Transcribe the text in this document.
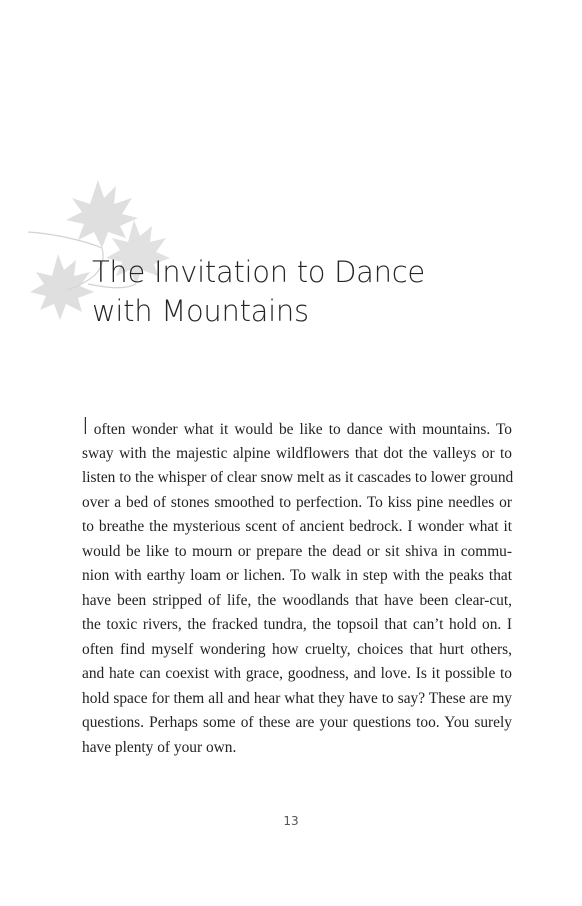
The Invitation to Dance
with Mountains
I often wonder what it would be like to dance with mountains. To
sway with the majestic alpine wildflowers that dot the valleys or to
listen to the whisper of clear snow melt as it cascades to lower ground
over a bed of stones smoothed to perfection. To kiss pine needles or
to breathe the mysterious scent of ancient bedrock. I wonder what it
would be like to mourn or prepare the dead or sit shiva in commu-
nion with earthy loam or lichen. To walk in step with the peaks that
have been stripped of life, the woodlands that have been clear-cut,
the toxic rivers, the fracked tundra, the topsoil that can’t hold on. I
often find myself wondering how cruelty, choices that hurt others,
and hate can coexist with grace, goodness, and love. Is it possible to
hold space for them all and hear what they have to say? These are my
questions. Perhaps some of these are your questions too. You surely
have plenty of your own.
13
